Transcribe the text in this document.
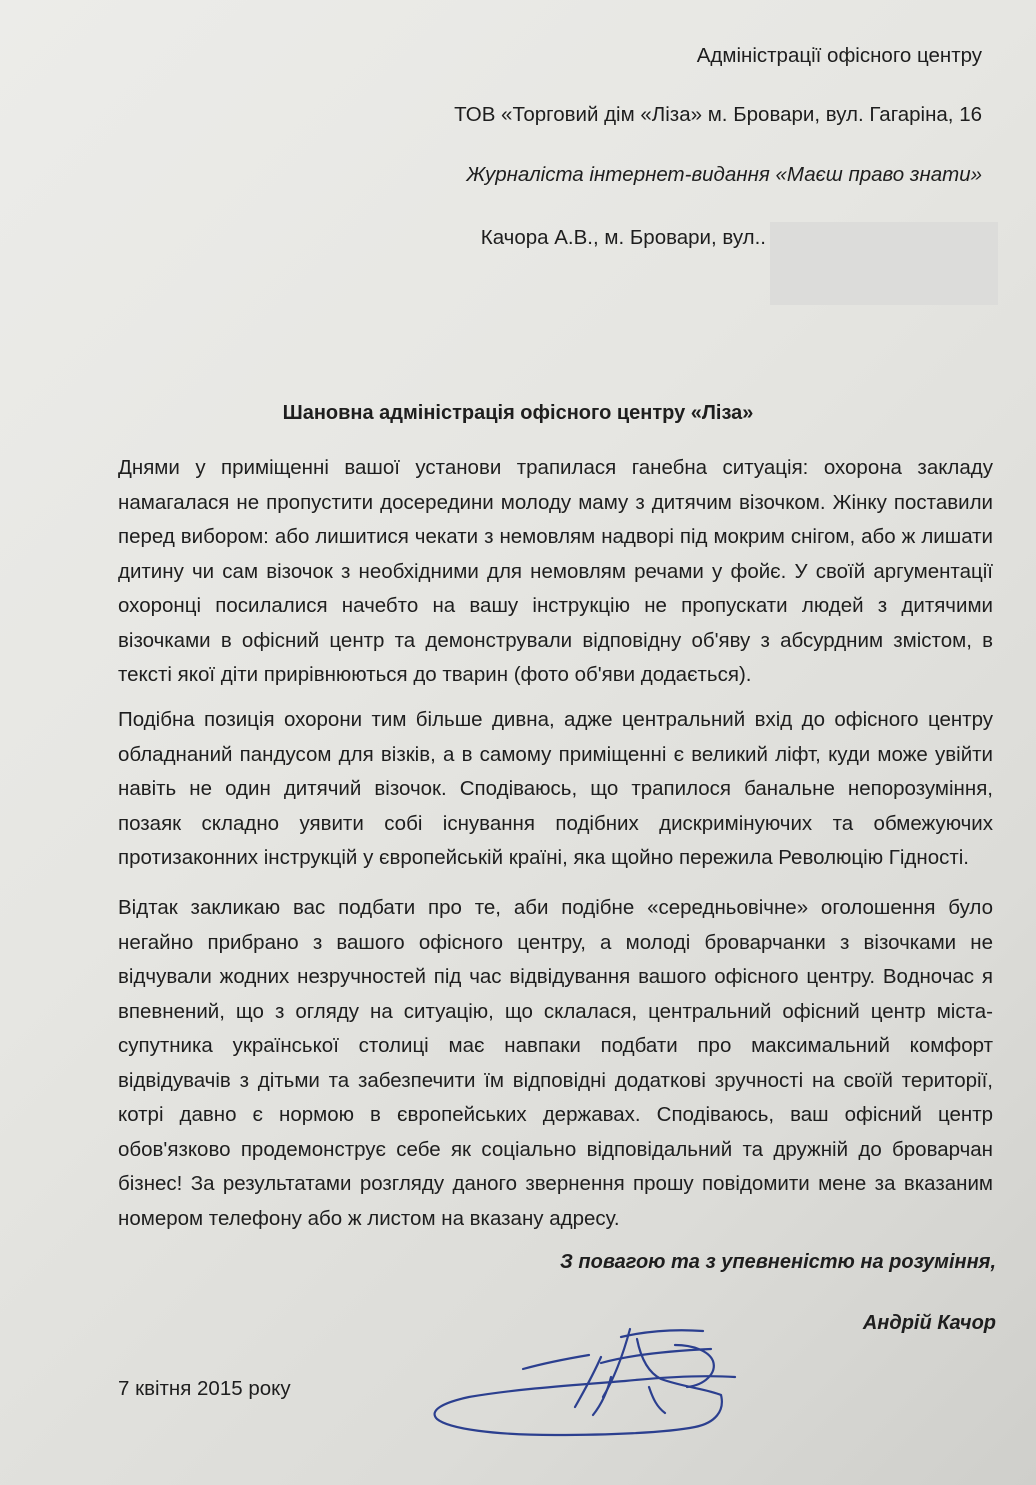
Адміністрації офісного центру
ТОВ «Торговий дім «Ліза» м. Бровари, вул. Гагаріна, 16
Журналіста інтернет-видання «Маєш право знати»
Качора А.В., м. Бровари, вул..
Шановна адміністрація офісного центру «Ліза»
Днями у приміщенні вашої установи трапилася ганебна ситуація: охорона закладу намагалася не пропустити досередини молоду маму з дитячим візочком. Жінку поставили перед вибором: або лишитися чекати з немовлям надворі під мокрим снігом, або ж лишати дитину чи сам візочок з необхідними для немовлям речами у фойє. У своїй аргументації охоронці посилалися начебто на вашу інструкцію не пропускати людей з дитячими візочками в офісний центр та демонстрували відповідну об'яву з абсурдним змістом, в тексті якої діти прирівнюються до тварин (фото об'яви додається).
Подібна позиція охорони тим більше дивна, адже центральний вхід до офісного центру обладнаний пандусом для візків, а в самому приміщенні є великий ліфт, куди може увійти навіть не один дитячий візочок. Сподіваюсь, що трапилося банальне непорозуміння, позаяк складно уявити собі існування подібних дискримінуючих та обмежуючих протизаконних інструкцій у європейській країні, яка щойно пережила Революцію Гідності.
Відтак закликаю вас подбати про те, аби подібне «середньовічне» оголошення було негайно прибрано з вашого офісного центру, а молоді броварчанки з візочками не відчували жодних незручностей під час відвідування вашого офісного центру. Водночас я впевнений, що з огляду на ситуацію, що склалася, центральний офісний центр міста-супутника української столиці має навпаки подбати про максимальний комфорт відвідувачів з дітьми та забезпечити їм відповідні додаткові зручності на своїй території, котрі давно є нормою в європейських державах. Сподіваюсь, ваш офісний центр обов'язково продемонструє себе як соціально відповідальний та дружній до броварчан бізнес! За результатами розгляду даного звернення прошу повідомити мене за вказаним номером телефону або ж листом на вказану адресу.
З повагою та з упевненістю на розуміння,
Андрій Качор
7 квітня 2015 року
